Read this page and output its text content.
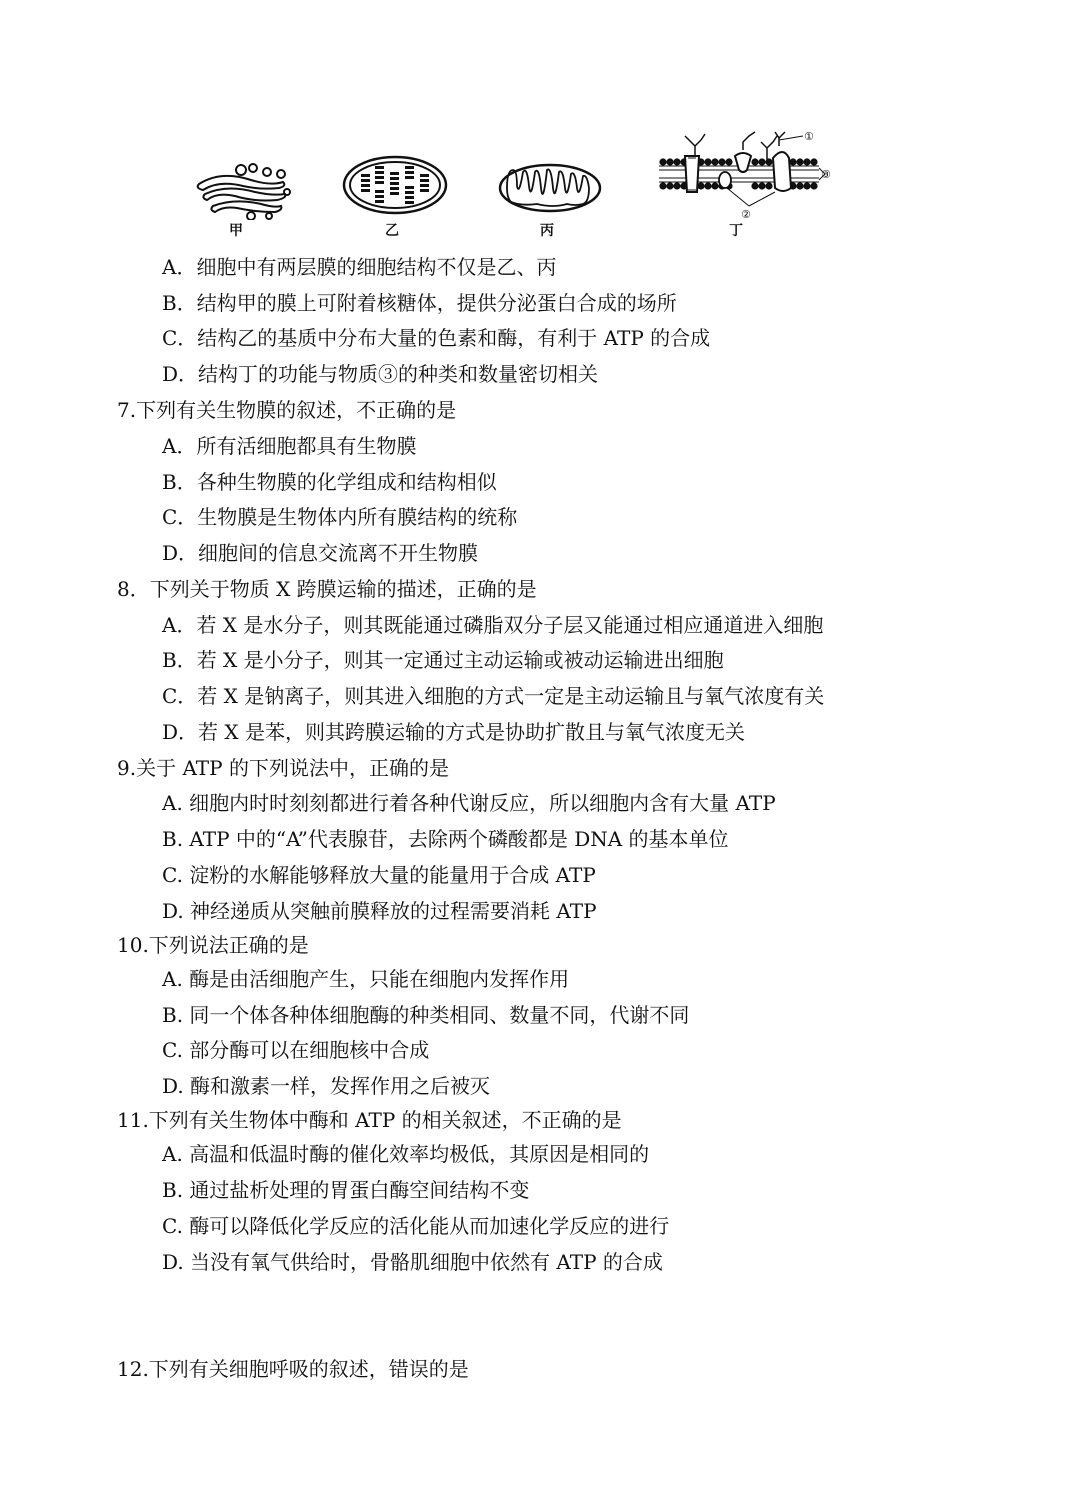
甲	乙	丙
①
②
③
丁
A．细胞中有两层膜的细胞结构不仅是乙、丙
B．结构甲的膜上可附着核糖体，提供分泌蛋白合成的场所
C．结构乙的基质中分布大量的色素和酶，有利于 ATP 的合成
D．结构丁的功能与物质③的种类和数量密切相关
7.下列有关生物膜的叙述，不正确的是
A．所有活细胞都具有生物膜
B．各种生物膜的化学组成和结构相似
C．生物膜是生物体内所有膜结构的统称
D．细胞间的信息交流离不开生物膜
8．下列关于物质 X 跨膜运输的描述，正确的是
A．若 X 是水分子，则其既能通过磷脂双分子层又能通过相应通道进入细胞
B．若 X 是小分子，则其一定通过主动运输或被动运输进出细胞
C．若 X 是钠离子，则其进入细胞的方式一定是主动运输且与氧气浓度有关
D．若 X 是苯，则其跨膜运输的方式是协助扩散且与氧气浓度无关
9.关于 ATP 的下列说法中，正确的是
A. 细胞内时时刻刻都进行着各种代谢反应，所以细胞内含有大量 ATP
B. ATP 中的“A”代表腺苷，去除两个磷酸都是 DNA 的基本单位
C. 淀粉的水解能够释放大量的能量用于合成 ATP
D. 神经递质从突触前膜释放的过程需要消耗 ATP
10.下列说法正确的是
A. 酶是由活细胞产生，只能在细胞内发挥作用
B. 同一个体各种体细胞酶的种类相同、数量不同，代谢不同
C. 部分酶可以在细胞核中合成
D. 酶和激素一样，发挥作用之后被灭
11.下列有关生物体中酶和 ATP 的相关叙述，不正确的是
A. 高温和低温时酶的催化效率均极低，其原因是相同的
B. 通过盐析处理的胃蛋白酶空间结构不变
C. 酶可以降低化学反应的活化能从而加速化学反应的进行
D. 当没有氧气供给时，骨骼肌细胞中依然有 ATP 的合成
12.下列有关细胞呼吸的叙述，错误的是
